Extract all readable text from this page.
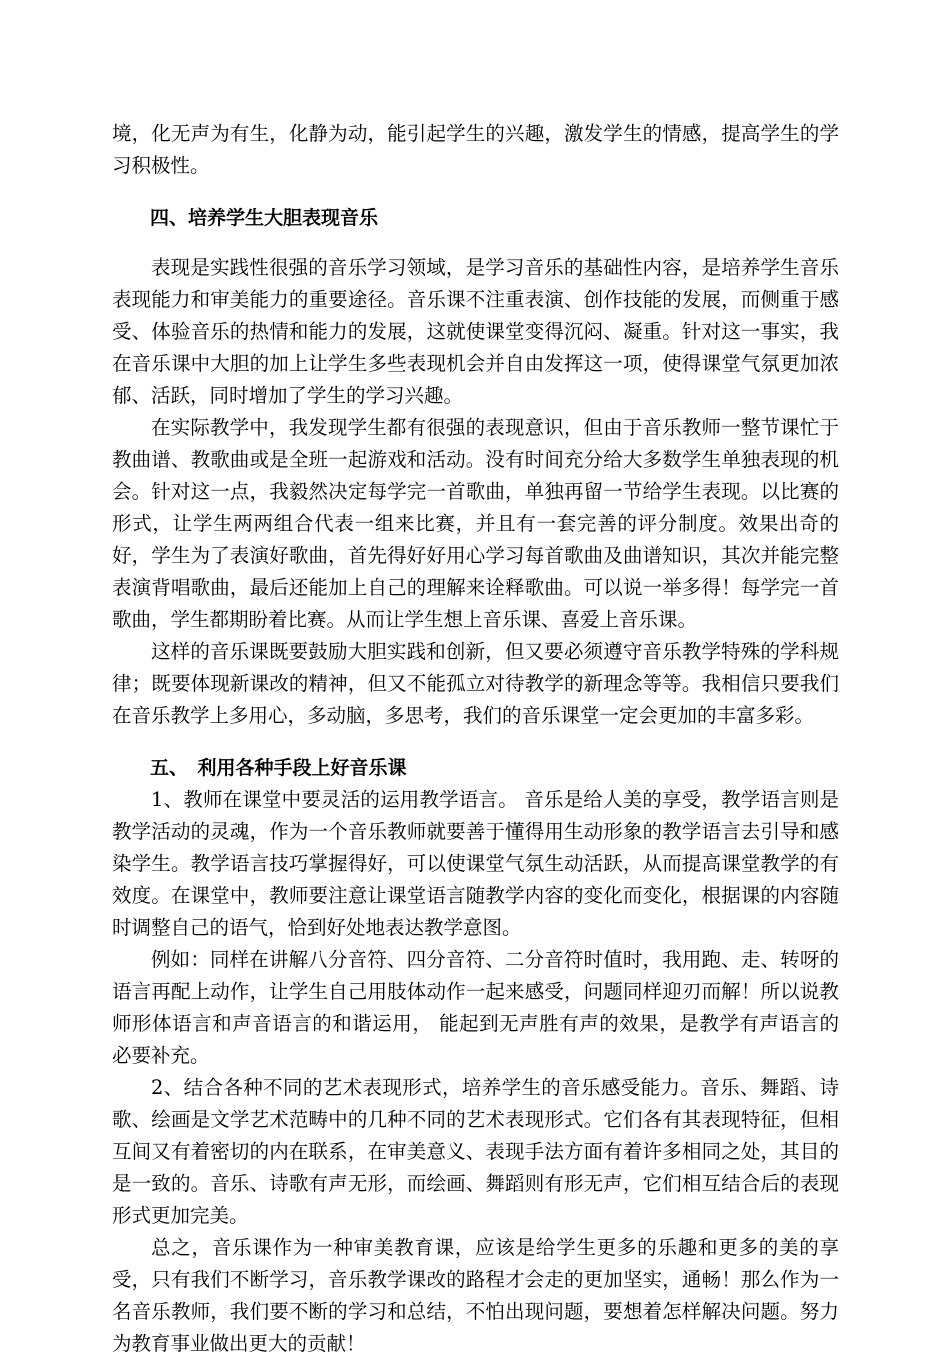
境，化无声为有生，化静为动，能引起学生的兴趣，激发学生的情感，提高学生的学习积极性。

四、培养学生大胆表现音乐

表现是实践性很强的音乐学习领域，是学习音乐的基础性内容，是培养学生音乐表现能力和审美能力的重要途径。音乐课不注重表演、创作技能的发展，而侧重于感受、体验音乐的热情和能力的发展，这就使课堂变得沉闷、凝重。针对这一事实，我在音乐课中大胆的加上让学生多些表现机会并自由发挥这一项，使得课堂气氛更加浓郁、活跃，同时增加了学生的学习兴趣。

在实际教学中，我发现学生都有很强的表现意识，但由于音乐教师一整节课忙于教曲谱、教歌曲或是全班一起游戏和活动。没有时间充分给大多数学生单独表现的机会。针对这一点，我毅然决定每学完一首歌曲，单独再留一节给学生表现。以比赛的形式，让学生两两组合代表一组来比赛，并且有一套完善的评分制度。效果出奇的好，学生为了表演好歌曲，首先得好好用心学习每首歌曲及曲谱知识，其次并能完整表演背唱歌曲，最后还能加上自己的理解来诠释歌曲。可以说一举多得！每学完一首歌曲，学生都期盼着比赛。从而让学生想上音乐课、喜爱上音乐课。

这样的音乐课既要鼓励大胆实践和创新，但又要必须遵守音乐教学特殊的学科规律；既要体现新课改的精神，但又不能孤立对待教学的新理念等等。我相信只要我们在音乐教学上多用心，多动脑，多思考，我们的音乐课堂一定会更加的丰富多彩。

五、　利用各种手段上好音乐课

1、教师在课堂中要灵活的运用教学语言。 音乐是给人美的享受，教学语言则是教学活动的灵魂，作为一个音乐教师就要善于懂得用生动形象的教学语言去引导和感染学生。教学语言技巧掌握得好，可以使课堂气氛生动活跃，从而提高课堂教学的有效度。在课堂中，教师要注意让课堂语言随教学内容的变化而变化，根据课的内容随时调整自己的语气，恰到好处地表达教学意图。

例如：同样在讲解八分音符、四分音符、二分音符时值时，我用跑、走、转呀的语言再配上动作，让学生自己用肢体动作一起来感受，问题同样迎刃而解！所以说教师形体语言和声音语言的和谐运用， 能起到无声胜有声的效果，是教学有声语言的必要补充。

2、结合各种不同的艺术表现形式，培养学生的音乐感受能力。音乐、舞蹈、诗歌、绘画是文学艺术范畴中的几种不同的艺术表现形式。它们各有其表现特征，但相互间又有着密切的内在联系，在审美意义、表现手法方面有着许多相同之处，其目的是一致的。音乐、诗歌有声无形，而绘画、舞蹈则有形无声，它们相互结合后的表现形式更加完美。

总之，音乐课作为一种审美教育课，应该是给学生更多的乐趣和更多的美的享受，只有我们不断学习，音乐教学课改的路程才会走的更加坚实，通畅！那么作为一名音乐教师，我们要不断的学习和总结，不怕出现问题，要想着怎样解决问题。努力为教育事业做出更大的贡献！
